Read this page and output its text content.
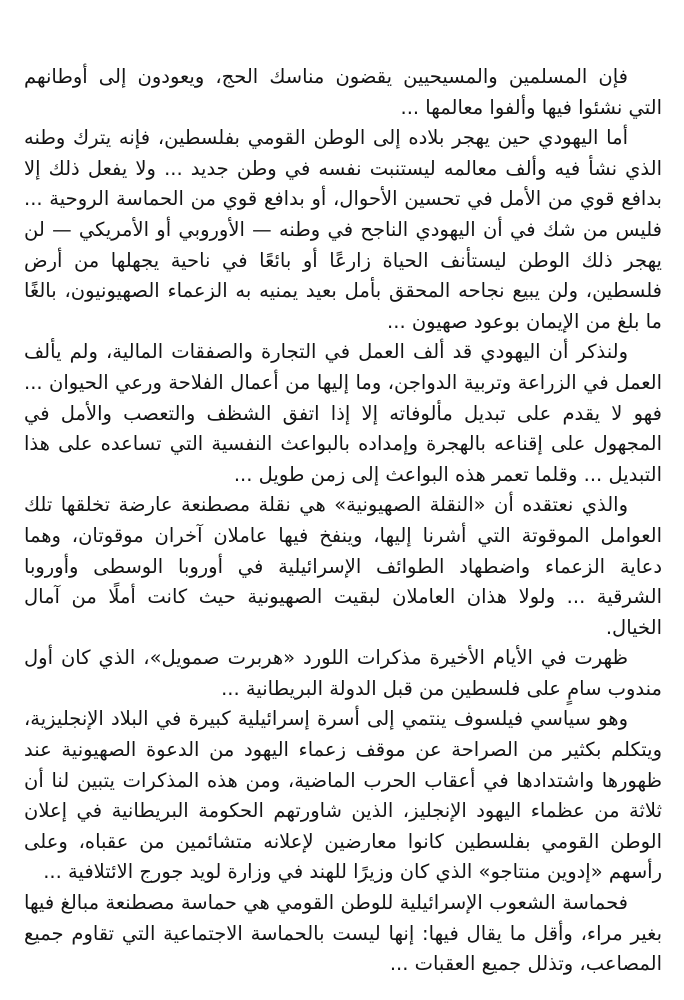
فإن المسلمين والمسيحيين يقضون مناسك الحج، ويعودون إلى أوطانهم التي نشئوا فيها وألفوا معالمها ...

أما اليهودي حين يهجر بلاده إلى الوطن القومي بفلسطين، فإنه يترك وطنه الذي نشأ فيه وألف معالمه ليستنبت نفسه في وطن جديد ... ولا يفعل ذلك إلا بدافع قوي من الأمل في تحسين الأحوال، أو بدافع قوي من الحماسة الروحية ... فليس من شك في أن اليهودي الناجح في وطنه — الأوروبي أو الأمريكي — لن يهجر ذلك الوطن ليستأنف الحياة زارعًا أو بائعًا في ناحية يجهلها من أرض فلسطين، ولن يبيع نجاحه المحقق بأمل بعيد يمنيه به الزعماء الصهيونيون، بالغًا ما بلغ من الإيمان بوعود صهيون ...

ولنذكر أن اليهودي قد ألف العمل في التجارة والصفقات المالية، ولم يألف العمل في الزراعة وتربية الدواجن، وما إليها من أعمال الفلاحة ورعي الحيوان ... فهو لا يقدم على تبديل مألوفاته إلا إذا اتفق الشظف والتعصب والأمل في المجهول على إقناعه بالهجرة وإمداده بالبواعث النفسية التي تساعده على هذا التبديل ... وقلما تعمر هذه البواعث إلى زمن طويل ...

والذي نعتقده أن «النقلة الصهيونية» هي نقلة مصطنعة عارضة تخلقها تلك العوامل الموقوتة التي أشرنا إليها، وينفخ فيها عاملان آخران موقوتان، وهما دعاية الزعماء واضطهاد الطوائف الإسرائيلية في أوروبا الوسطى وأوروبا الشرقية ... ولولا هذان العاملان لبقيت الصهيونية حيث كانت أملًا من آمال الخيال.

ظهرت في الأيام الأخيرة مذكرات اللورد «هربرت صمويل»، الذي كان أول مندوب سامٍ على فلسطين من قبل الدولة البريطانية ...

وهو سياسي فيلسوف ينتمي إلى أسرة إسرائيلية كبيرة في البلاد الإنجليزية، ويتكلم بكثير من الصراحة عن موقف زعماء اليهود من الدعوة الصهيونية عند ظهورها واشتدادها في أعقاب الحرب الماضية، ومن هذه المذكرات يتبين لنا أن ثلاثة من عظماء اليهود الإنجليز، الذين شاورتهم الحكومة البريطانية في إعلان الوطن القومي بفلسطين كانوا معارضين لإعلانه متشائمين من عقباه، وعلى رأسهم «إدوين منتاجو» الذي كان وزيرًا للهند في وزارة لويد جورج الائتلافية ...

فحماسة الشعوب الإسرائيلية للوطن القومي هي حماسة مصطنعة مبالغ فيها بغير مراء، وأقل ما يقال فيها: إنها ليست بالحماسة الاجتماعية التي تقاوم جميع المصاعب، وتذلل جميع العقبات ...
